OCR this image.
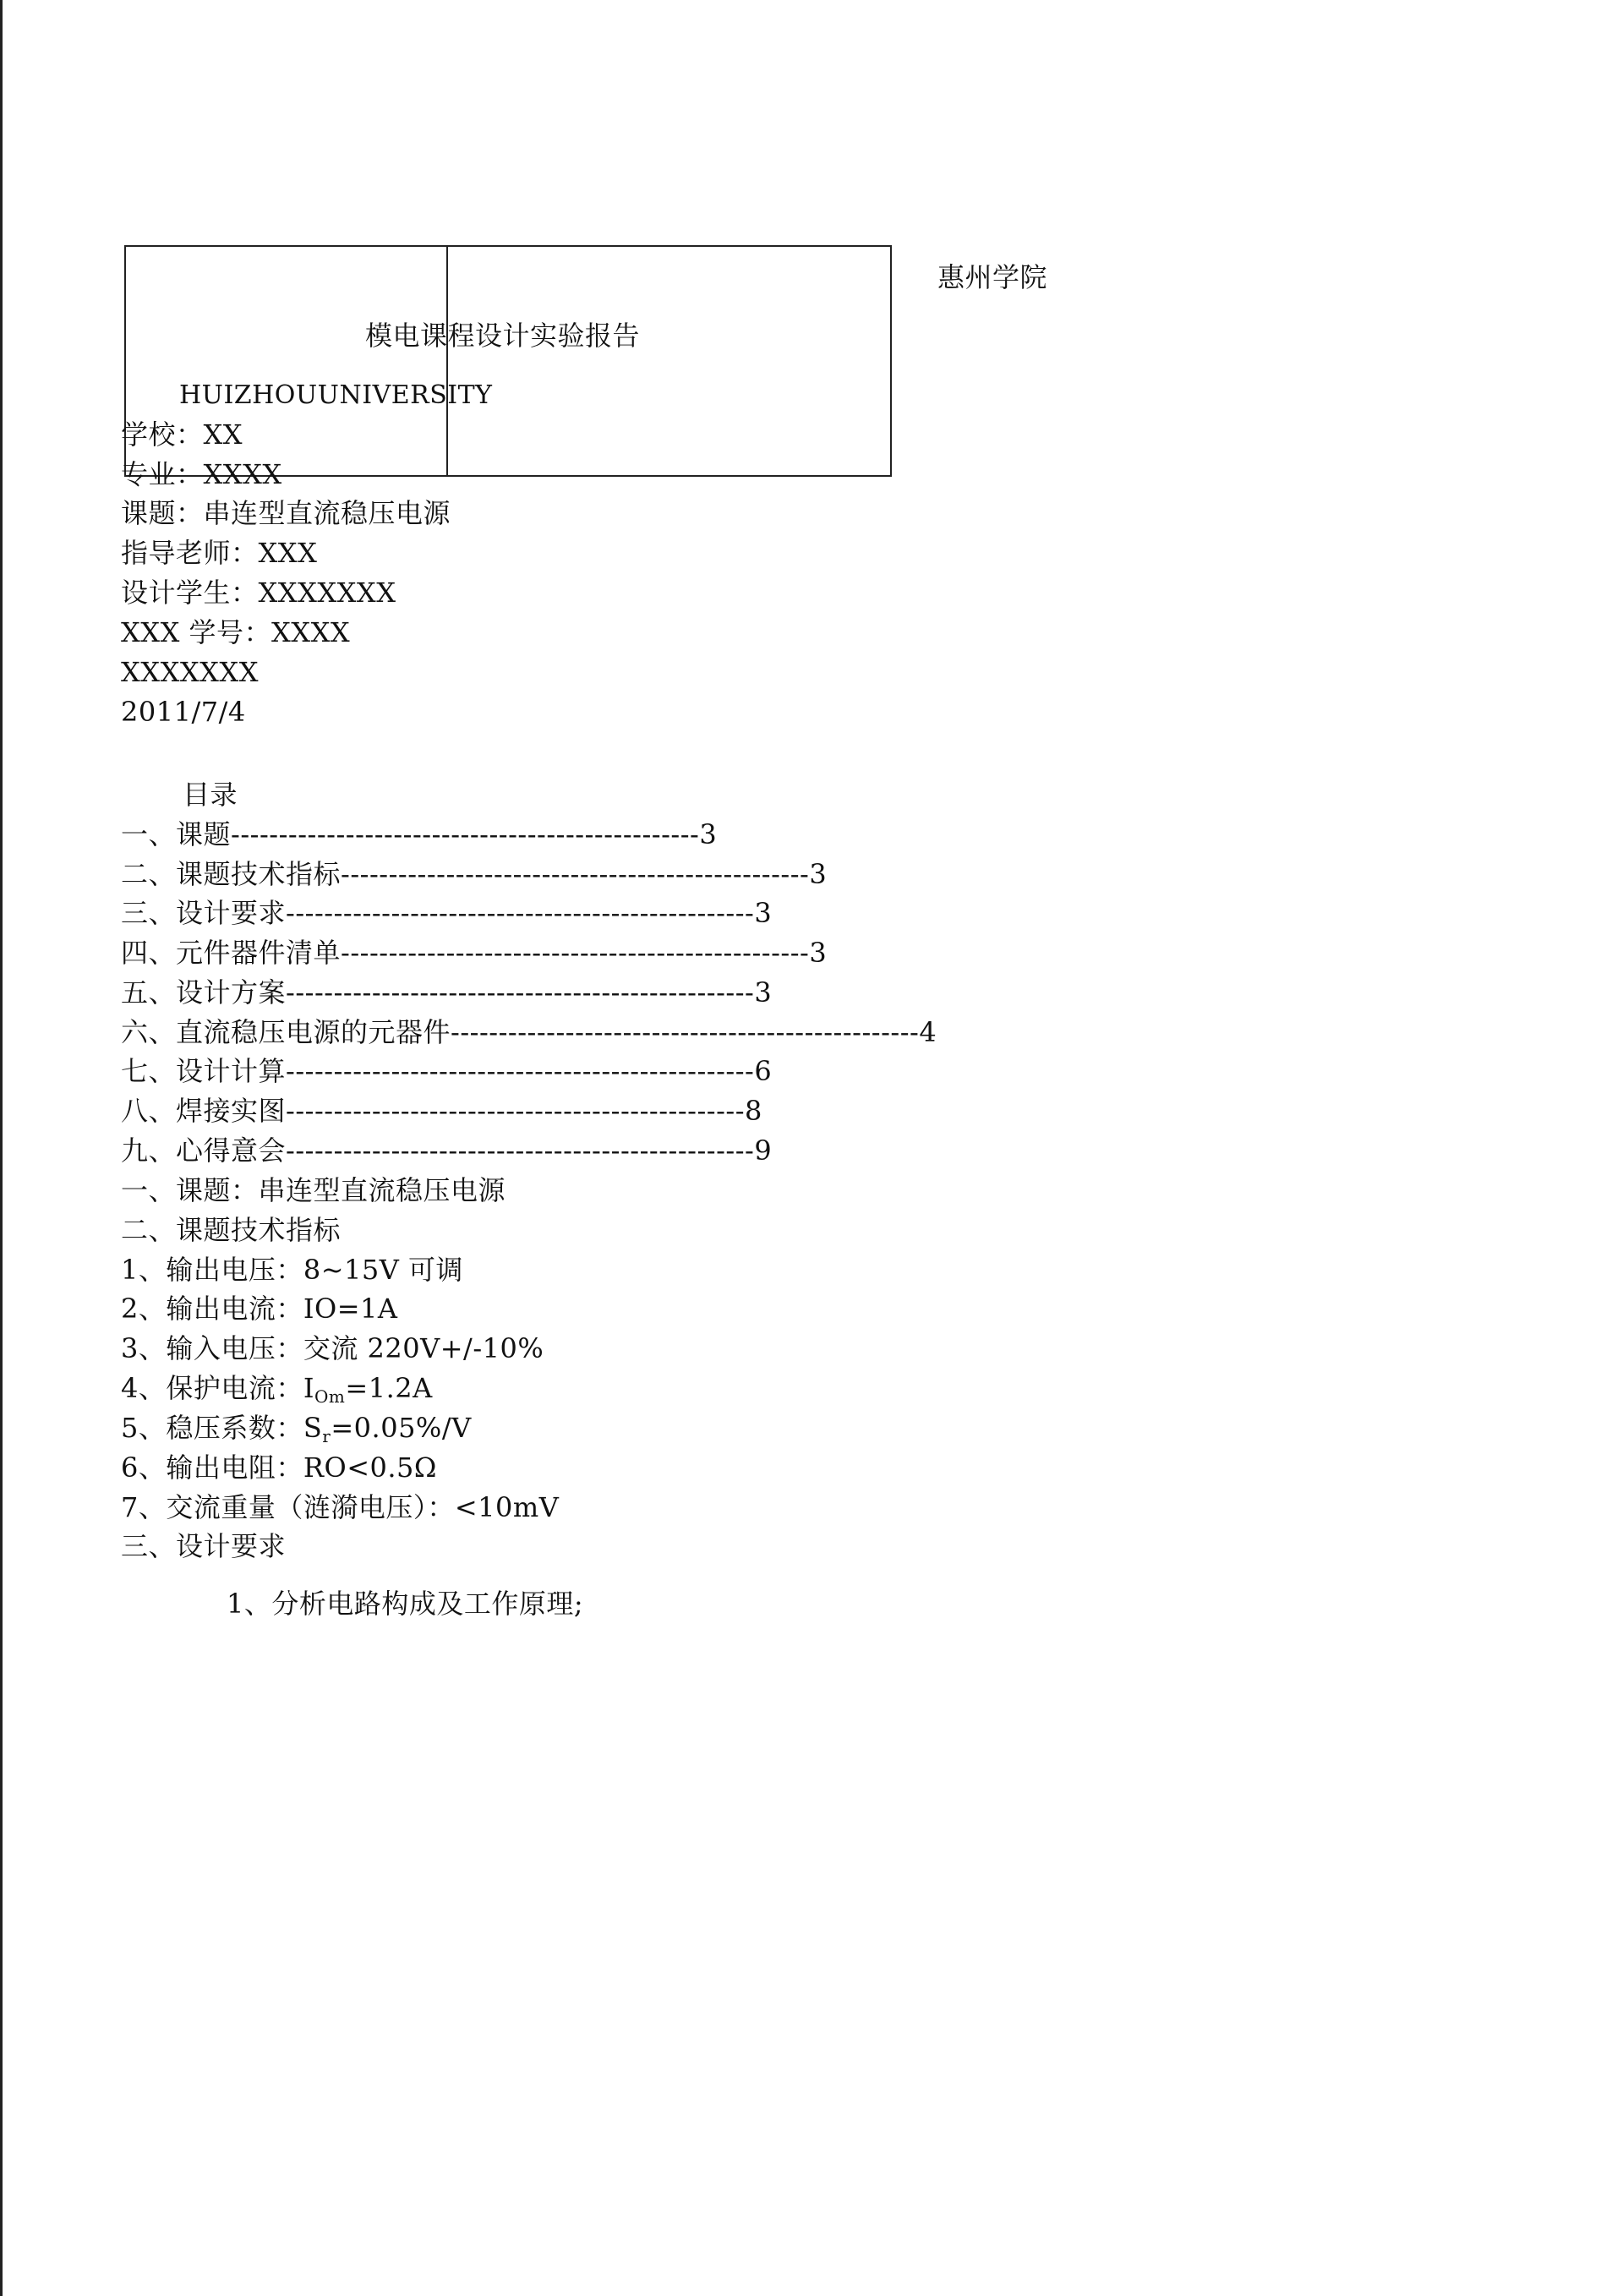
惠州学院
模电课程设计实验报告
HUIZHOUUNIVERSITY
学校：XX
专业：XXXX
课题：串连型直流稳压电源
指导老师：XXX
设计学生：XXXXXXX
XXX 学号：XXXX
XXXXXXX
2011/7/4
目录
一、课题-------------------------------------------------3
二、课题技术指标-------------------------------------------------3
三、设计要求-------------------------------------------------3
四、元件器件清单-------------------------------------------------3
五、设计方案-------------------------------------------------3
六、直流稳压电源的元器件-------------------------------------------------4
七、设计计算-------------------------------------------------6
八、焊接实图------------------------------------------------8
九、心得意会-------------------------------------------------9
一、课题：串连型直流稳压电源
二、课题技术指标
1、输出电压：8~15V 可调
2、输出电流：IO=1A
3、输入电压：交流 220V+/-10%
4、保护电流：$I_{Om}=1.2A$
5、稳压系数：$S_r=0.05\%/V$
6、输出电阻：RO<0.5Ω
7、交流重量（涟漪电压）：<10mV
三、设计要求
1、分析电路构成及工作原理;
